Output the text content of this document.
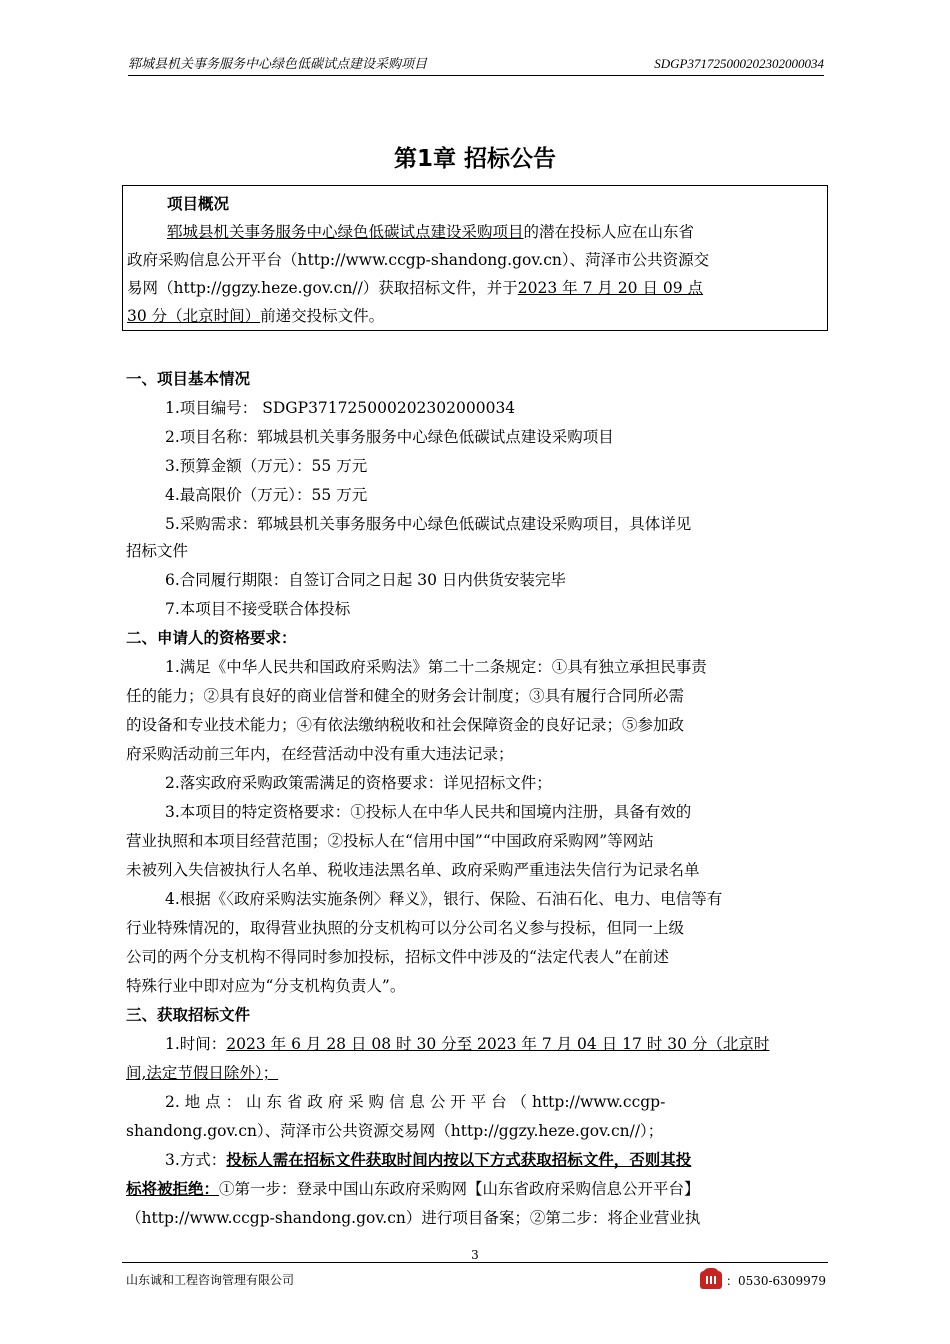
郓城县机关事务服务中心绿色低碳试点建设采购项目	SDGP371725000202302000034
第1章 招标公告
项目概况
郓城县机关事务服务中心绿色低碳试点建设采购项目的潜在投标人应在山东省
政府采购信息公开平台（http://www.ccgp-shandong.gov.cn）、菏泽市公共资源交
易网（http://ggzy.heze.gov.cn//）获取招标文件，并于2023 年 7 月 20 日 09 点
30 分（北京时间）前递交投标文件。
一、项目基本情况
1.项目编号： SDGP371725000202302000034
2.项目名称：郓城县机关事务服务中心绿色低碳试点建设采购项目
3.预算金额（万元）：55 万元
4.最高限价（万元）：55 万元
5.采购需求：郓城县机关事务服务中心绿色低碳试点建设采购项目，具体详见
招标文件
6.合同履行期限：自签订合同之日起 30 日内供货安装完毕
7.本项目不接受联合体投标
二、申请人的资格要求：
1.满足《中华人民共和国政府采购法》第二十二条规定：①具有独立承担民事责
任的能力；②具有良好的商业信誉和健全的财务会计制度；③具有履行合同所必需
的设备和专业技术能力；④有依法缴纳税收和社会保障资金的良好记录；⑤参加政
府采购活动前三年内，在经营活动中没有重大违法记录；
2.落实政府采购政策需满足的资格要求：详见招标文件；
3.本项目的特定资格要求：①投标人在中华人民共和国境内注册，具备有效的
营业执照和本项目经营范围；②投标人在“信用中国”“中国政府采购网”等网站
未被列入失信被执行人名单、税收违法黑名单、政府采购严重违法失信行为记录名单
4.根据《〈政府采购法实施条例〉释义》，银行、保险、石油石化、电力、电信等有
行业特殊情况的，取得营业执照的分支机构可以分公司名义参与投标，但同一上级
公司的两个分支机构不得同时参加投标，招标文件中涉及的“法定代表人”在前述
特殊行业中即对应为“分支机构负责人”。
三、获取招标文件
1.时间：2023 年 6 月 28 日 08 时 30 分至 2023 年 7 月 04 日 17 时 30 分（北京时
间,法定节假日除外）；
2. 地 点 ： 山 东 省 政 府 采 购 信 息 公 开 平 台 （ http://www.ccgp-
shandong.gov.cn）、菏泽市公共资源交易网（http://ggzy.heze.gov.cn//）；
3.方式：投标人需在招标文件获取时间内按以下方式获取招标文件，否则其投
标将被拒绝：①第一步：登录中国山东政府采购网【山东省政府采购信息公开平台】
（http://www.ccgp-shandong.gov.cn）进行项目备案；②第二步：将企业营业执
3
山东诚和工程咨询管理有限公司	：0530-6309979
